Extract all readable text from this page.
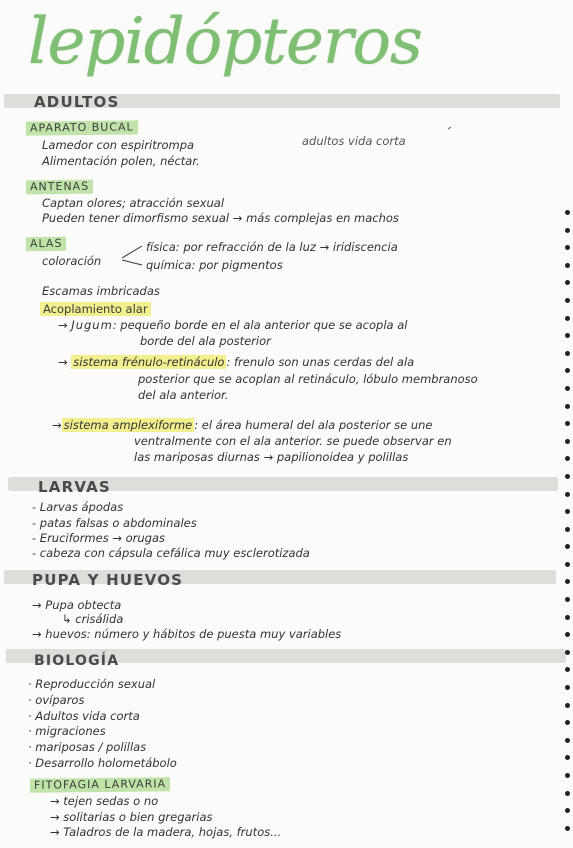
lepidópteros
ADULTOS
APARATO BUCAL
Lamedor con espiritrompa
Alimentación polen, néctar.
adultos vida corta
ANTENAS
Captan olores; atracción sexual
Pueden tener dimorfismo sexual → más complejas en machos
ALAS
coloración
física: por refracción de la luz → iridiscencia
química: por pigmentos
Escamas imbricadas
Acoplamiento alar
→ Jugum: pequeño borde en el ala anterior que se acopla al
borde del ala posterior
→ sistema frénulo-retináculo : frenulo son unas cerdas del ala
posterior que se acoplan al retináculo, lóbulo membranoso
del ala anterior.
→ sistema amplexiforme : el área humeral del ala posterior se une
ventralmente con el ala anterior. se puede observar en
las mariposas diurnas → papilionoidea y polillas
LARVAS
- Larvas ápodas
- patas falsas o abdominales
- Eruciformes → orugas
- cabeza con cápsula cefálica muy esclerotizada
PUPA Y HUEVOS
→ Pupa obtecta
↳ crisálida
→ huevos: número y hábitos de puesta muy variables
BIOLOGÍA
· Reproducción sexual
· ovíparos
· Adultos vida corta
· migraciones
· mariposas / polillas
· Desarrollo holometábolo
FITOFAGIA LARVARIA
→ tejen sedas o no
→ solitarias o bien gregarias
→ Taladros de la madera, hojas, frutos...
